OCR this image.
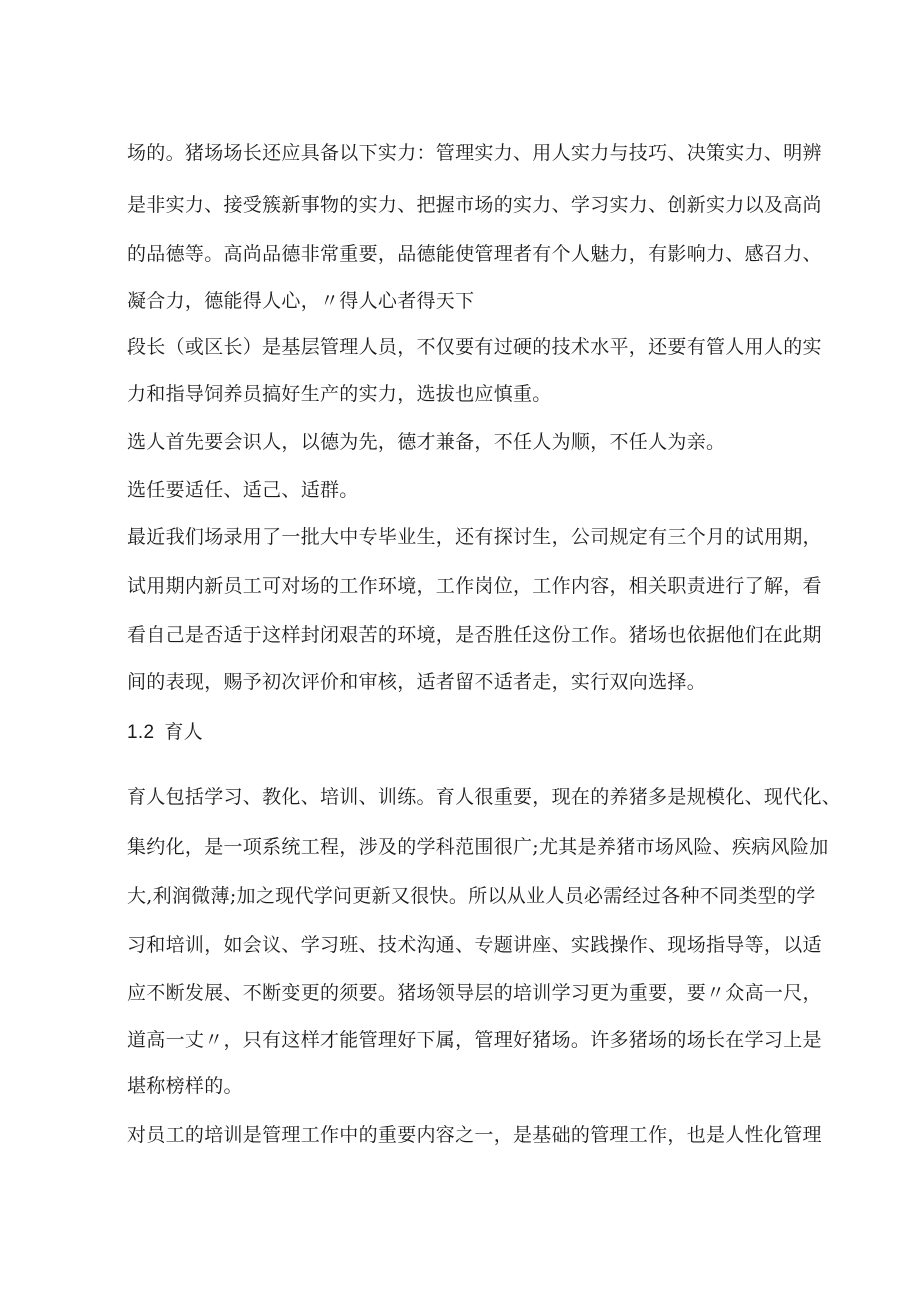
场的。猪场场长还应具备以下实力：管理实力、用人实力与技巧、决策实力、明辨
是非实力、接受簇新事物的实力、把握市场的实力、学习实力、创新实力以及高尚
的品德等。高尚品德非常重要，品德能使管理者有个人魅力，有影响力、感召力、
凝合力，德能得人心，〃得人心者得天下
段长（或区长）是基层管理人员，不仅要有过硬的技术水平，还要有管人用人的实
力和指导饲养员搞好生产的实力，选拔也应慎重。
选人首先要会识人，以德为先，德才兼备，不任人为顺，不任人为亲。
选任要适任、适己、适群。
最近我们场录用了一批大中专毕业生，还有探讨生，公司规定有三个月的试用期，
试用期内新员工可对场的工作环境，工作岗位，工作内容，相关职责进行了解，看
看自己是否适于这样封闭艰苦的环境，是否胜任这份工作。猪场也依据他们在此期
间的表现，赐予初次评价和审核，适者留不适者走，实行双向选择。
1.2 育人
育人包括学习、教化、培训、训练。育人很重要，现在的养猪多是规模化、现代化、
集约化，是一项系统工程，涉及的学科范围很广;尤其是养猪市场风险、疾病风险加
大,利润微薄;加之现代学问更新又很快。所以从业人员必需经过各种不同类型的学
习和培训，如会议、学习班、技术沟通、专题讲座、实践操作、现场指导等，以适
应不断发展、不断变更的须要。猪场领导层的培训学习更为重要，要〃众高一尺，
道高一丈〃，只有这样才能管理好下属，管理好猪场。许多猪场的场长在学习上是
堪称榜样的。
对员工的培训是管理工作中的重要内容之一，是基础的管理工作，也是人性化管理
